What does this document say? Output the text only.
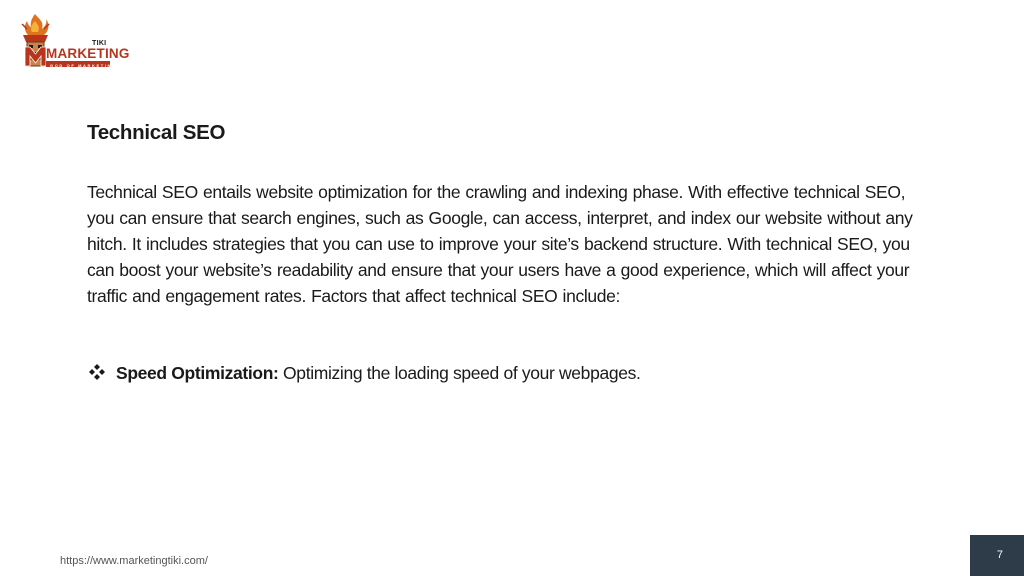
TIKI
MARKETING
GOD OF MARKETING
Technical SEO

Technical SEO entails website optimization for the crawling and indexing phase. With effective technical SEO, you can ensure that search engines, such as Google, can access, interpret, and index our website without any hitch. It includes strategies that you can use to improve your site’s backend structure. With technical SEO, you can boost your website’s readability and ensure that your users have a good experience, which will affect your traffic and engagement rates. Factors that affect technical SEO include:

Speed Optimization: Optimizing the loading speed of your webpages.
https://www.marketingtiki.com/	7
